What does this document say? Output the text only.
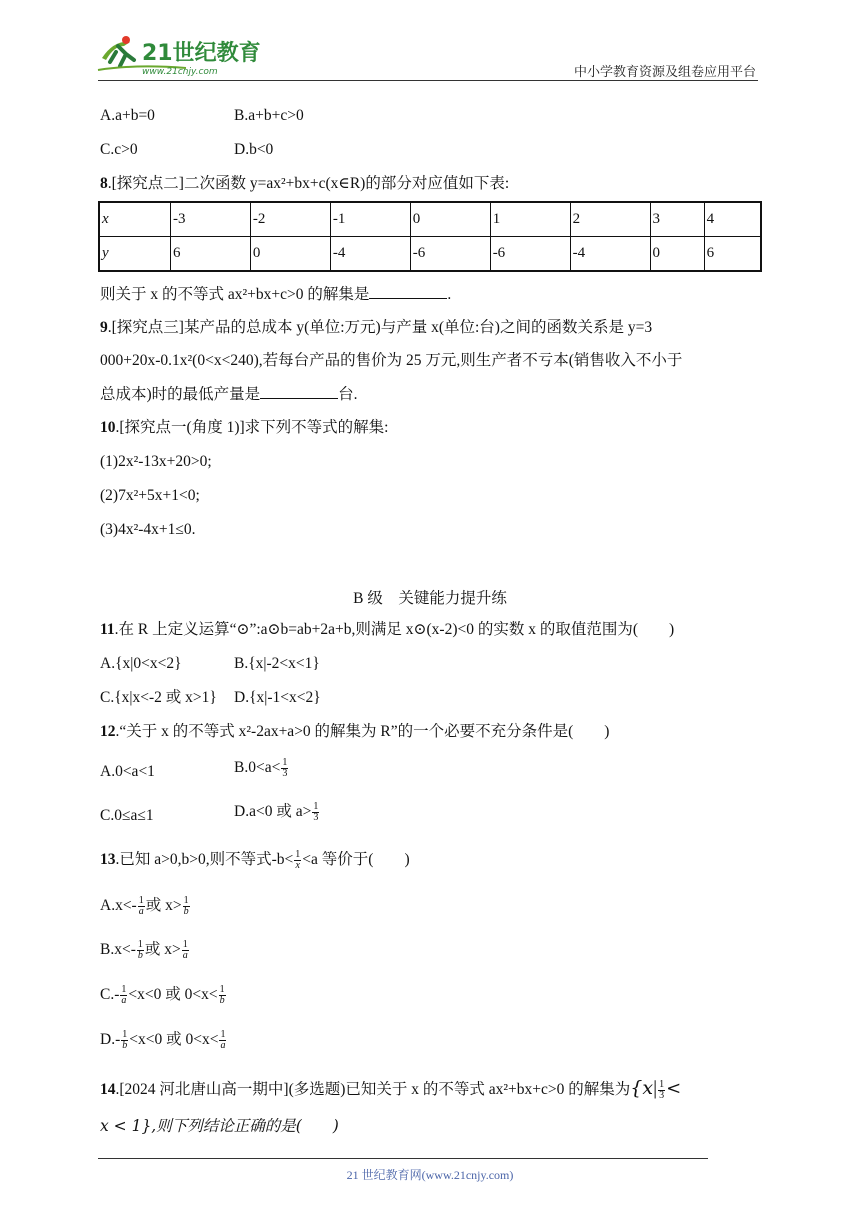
21世纪教育
www.21cnjy.com	中小学教育资源及组卷应用平台
A.a+b=0	B.a+b+c>0
C.c>0	D.b<0
8.[探究点二]二次函数 y=ax²+bx+c(x∈R)的部分对应值如下表:
x	-3	-2	-1	0	1	2	3	4
y	6	0	-4	-6	-6	-4	0	6
则关于 x 的不等式 ax²+bx+c>0 的解集是	.
9.[探究点三]某产品的总成本 y(单位:万元)与产量 x(单位:台)之间的函数关系是 y=3
000+20x-0.1x²(0<x<240),若每台产品的售价为 25 万元,则生产者不亏本(销售收入不小于
总成本)时的最低产量是	台.
10.[探究点一(角度 1)]求下列不等式的解集:
(1)2x²-13x+20>0;
(2)7x²+5x+1<0;
(3)4x²-4x+1≤0.
B 级　关键能力提升练
11.在 R 上定义运算“⊙”:a⊙b=ab+2a+b,则满足 x⊙(x-2)<0 的实数 x 的取值范围为(　　)
A.{x|0<x<2}	B.{x|-2<x<1}
C.{x|x<-2 或 x>1} D.{x|-1<x<2}
12.“关于 x 的不等式 x²-2ax+a>0 的解集为 R”的一个必要不充分条件是(　　)
A.0<a<1	$B.0<a< \frac{1}{3}$
C.0≤a≤1	D.a<0 或 $a> \frac{1}{3}$
13.已知 a>0,b>0,则不等式$-b< \frac{1}{x} <a$ 等价于(　　)
$A.x<- \frac{1}{a}$ 或 $x> \frac{1}{b}$
$B.x<- \frac{1}{b}$ 或 $x> \frac{1}{a}$
$C.- \frac{1}{a} <x<0$ 或 $0<x< \frac{1}{b}$
$D.- \frac{1}{b} <x<0$ 或 $0<x< \frac{1}{a}$
14.[2024 河北唐山高一期中](多选题)已知关于 x 的不等式 ax²+bx+c>0 的解集为{$x| \frac{1}{3}$ <
x < 1},则下列结论正确的是(　　)
21 世纪教育网(www.21cnjy.com)
